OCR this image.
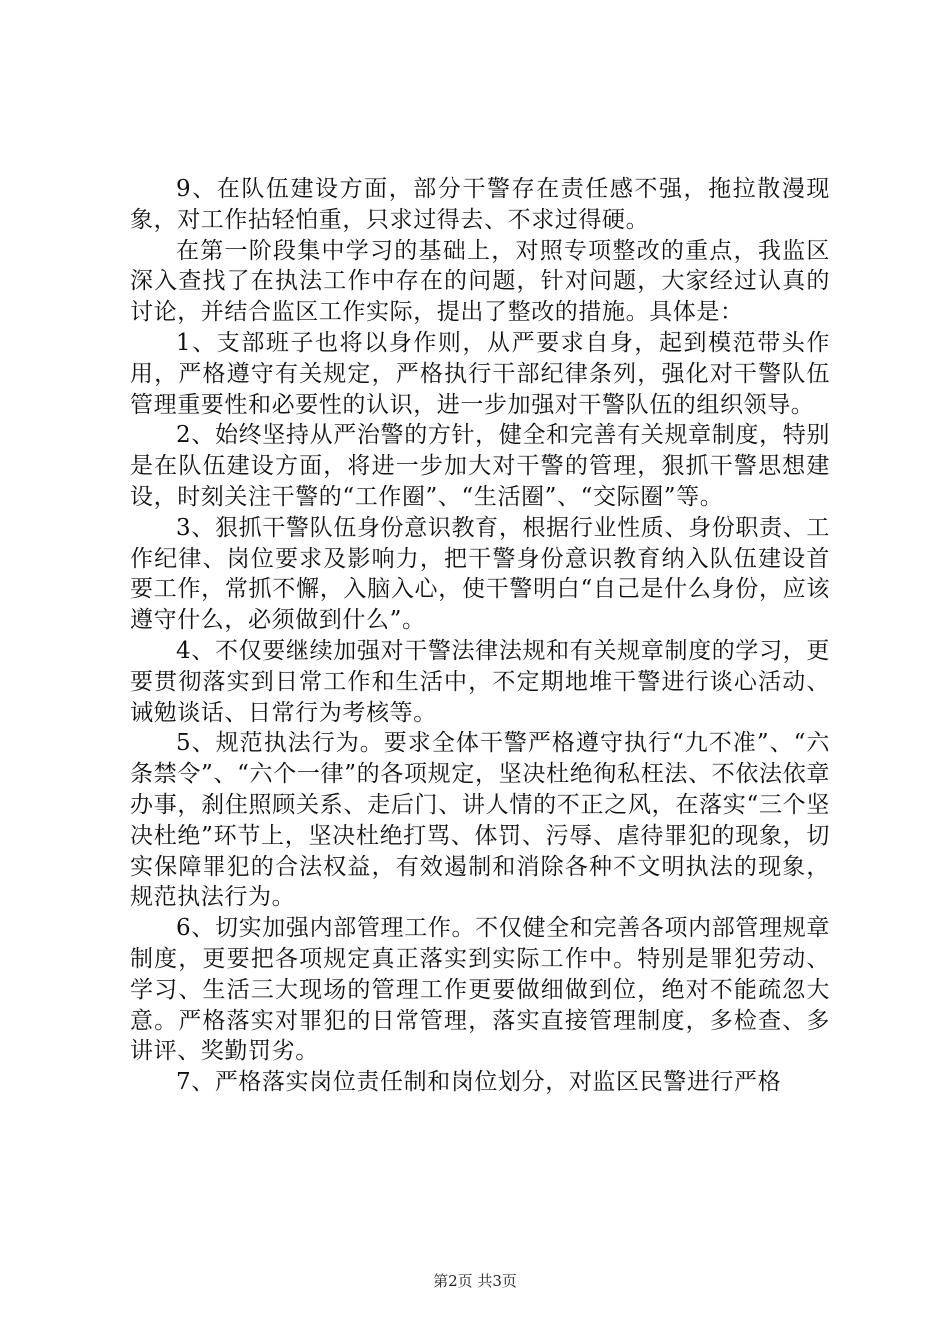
9、在队伍建设方面，部分干警存在责任感不强，拖拉散漫现象，对工作拈轻怕重，只求过得去、不求过得硬。

在第一阶段集中学习的基础上，对照专项整改的重点，我监区深入查找了在执法工作中存在的问题，针对问题，大家经过认真的讨论，并结合监区工作实际，提出了整改的措施。具体是：

1、支部班子也将以身作则，从严要求自身，起到模范带头作用，严格遵守有关规定，严格执行干部纪律条列，强化对干警队伍管理重要性和必要性的认识，进一步加强对干警队伍的组织领导。

2、始终坚持从严治警的方针，健全和完善有关规章制度，特别是在队伍建设方面，将进一步加大对干警的管理，狠抓干警思想建设，时刻关注干警的“工作圈”、“生活圈”、“交际圈”等。

3、狠抓干警队伍身份意识教育，根据行业性质、身份职责、工作纪律、岗位要求及影响力，把干警身份意识教育纳入队伍建设首要工作，常抓不懈，入脑入心，使干警明白“自己是什么身份，应该遵守什么，必须做到什么”。

4、不仅要继续加强对干警法律法规和有关规章制度的学习，更要贯彻落实到日常工作和生活中，不定期地堆干警进行谈心活动、诫勉谈话、日常行为考核等。

5、规范执法行为。要求全体干警严格遵守执行“九不准”、“六条禁令”、“六个一律”的各项规定，坚决杜绝徇私枉法、不依法依章办事，刹住照顾关系、走后门、讲人情的不正之风，在落实“三个坚决杜绝”环节上，坚决杜绝打骂、体罚、污辱、虐待罪犯的现象，切实保障罪犯的合法权益，有效遏制和消除各种不文明执法的现象，规范执法行为。

6、切实加强内部管理工作。不仅健全和完善各项内部管理规章制度，更要把各项规定真正落实到实际工作中。特别是罪犯劳动、学习、生活三大现场的管理工作更要做细做到位，绝对不能疏忽大意。严格落实对罪犯的日常管理，落实直接管理制度，多检查、多讲评、奖勤罚劣。

7、严格落实岗位责任制和岗位划分，对监区民警进行严格

第2页 共3页
